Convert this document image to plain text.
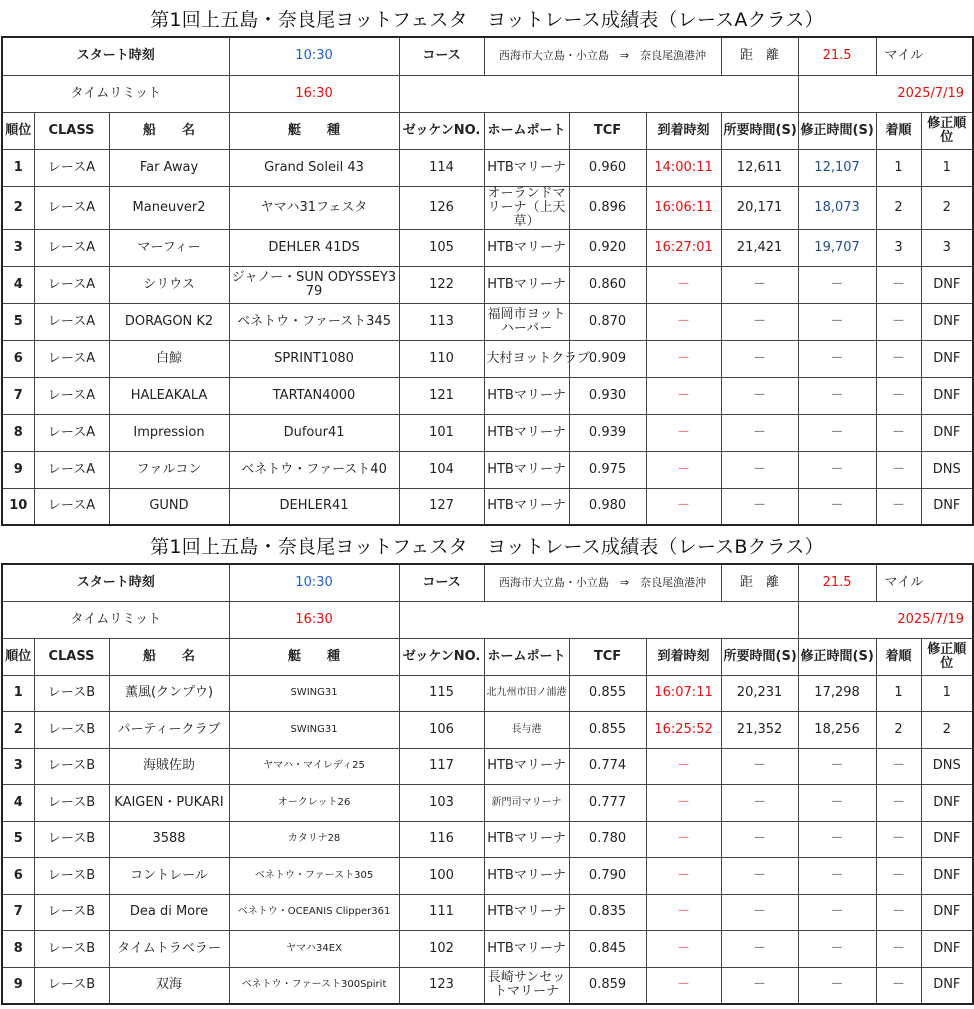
第1回上五島・奈良尾ヨットフェスタ　ヨットレース成績表（レースAクラス）
スタート時刻			10:30	コース	西海市大立島・小立島　⇒　奈良尾漁港沖			距　離	21.5	マイル	
タイムリミット			16:30						2025/7/19		
順位	CLASS	船　　名	艇　　種	ゼッケンNO.	ホームポート	TCF	到着時刻	所要時間(S)	修正時間(S)	着順	修正順位
1	レースA	Far Away	Grand Soleil 43	114	HTBマリーナ	0.960	14:00:11	12,611	12,107	1	1
2	レースA	Maneuver2	ヤマハ31フェスタ	126	オーランドマリーナ（上天草）	0.896	16:06:11	20,171	18,073	2	2
3	レースA	マーフィー	DEHLER 41DS	105	HTBマリーナ	0.920	16:27:01	21,421	19,707	3	3
4	レースA	シリウス	ジャノー・SUN ODYSSEY379	122	HTBマリーナ	0.860	－	－	－	－	DNF
5	レースA	DORAGON K2	ベネトウ・ファースト345	113	福岡市ヨットハーバー	0.870	－	－	－	－	DNF
6	レースA	白鯨	SPRINT1080	110	大村ヨットクラブ	0.909	－	－	－	－	DNF
7	レースA	HALEAKALA	TARTAN4000	121	HTBマリーナ	0.930	－	－	－	－	DNF
8	レースA	Impression	Dufour41	101	HTBマリーナ	0.939	－	－	－	－	DNF
9	レースA	ファルコン	ベネトウ・ファースト40	104	HTBマリーナ	0.975	－	－	－	－	DNS
10	レースA	GUND	DEHLER41	127	HTBマリーナ	0.980	－	－	－	－	DNF
第1回上五島・奈良尾ヨットフェスタ　ヨットレース成績表（レースBクラス）
スタート時刻			10:30	コース	西海市大立島・小立島　⇒　奈良尾漁港沖			距　離	21.5	マイル	
タイムリミット			16:30						2025/7/19		
順位	CLASS	船　　名	艇　　種	ゼッケンNO.	ホームポート	TCF	到着時刻	所要時間(S)	修正時間(S)	着順	修正順位
1	レースB	薫風(クンプウ)	SWING31	115	北九州市田ノ浦港	0.855	16:07:11	20,231	17,298	1	1
2	レースB	パーティークラブ	SWING31	106	長与港	0.855	16:25:52	21,352	18,256	2	2
3	レースB	海賊佐助	ヤマハ・マイレディ25	117	HTBマリーナ	0.774	－	－	－	－	DNS
4	レースB	KAIGEN・PUKARI	オークレット26	103	新門司マリーナ	0.777	－	－	－	－	DNF
5	レースB	3588	カタリナ28	116	HTBマリーナ	0.780	－	－	－	－	DNF
6	レースB	コントレール	ベネトウ・ファースト305	100	HTBマリーナ	0.790	－	－	－	－	DNF
7	レースB	Dea di More	ベネトウ・OCEANIS Clipper361	111	HTBマリーナ	0.835	－	－	－	－	DNF
8	レースB	タイムトラベラー	ヤマハ34EX	102	HTBマリーナ	0.845	－	－	－	－	DNF
9	レースB	双海	ベネトウ・ファースト300Spirit	123	長崎サンセットマリーナ	0.859	－	－	－	－	DNF
